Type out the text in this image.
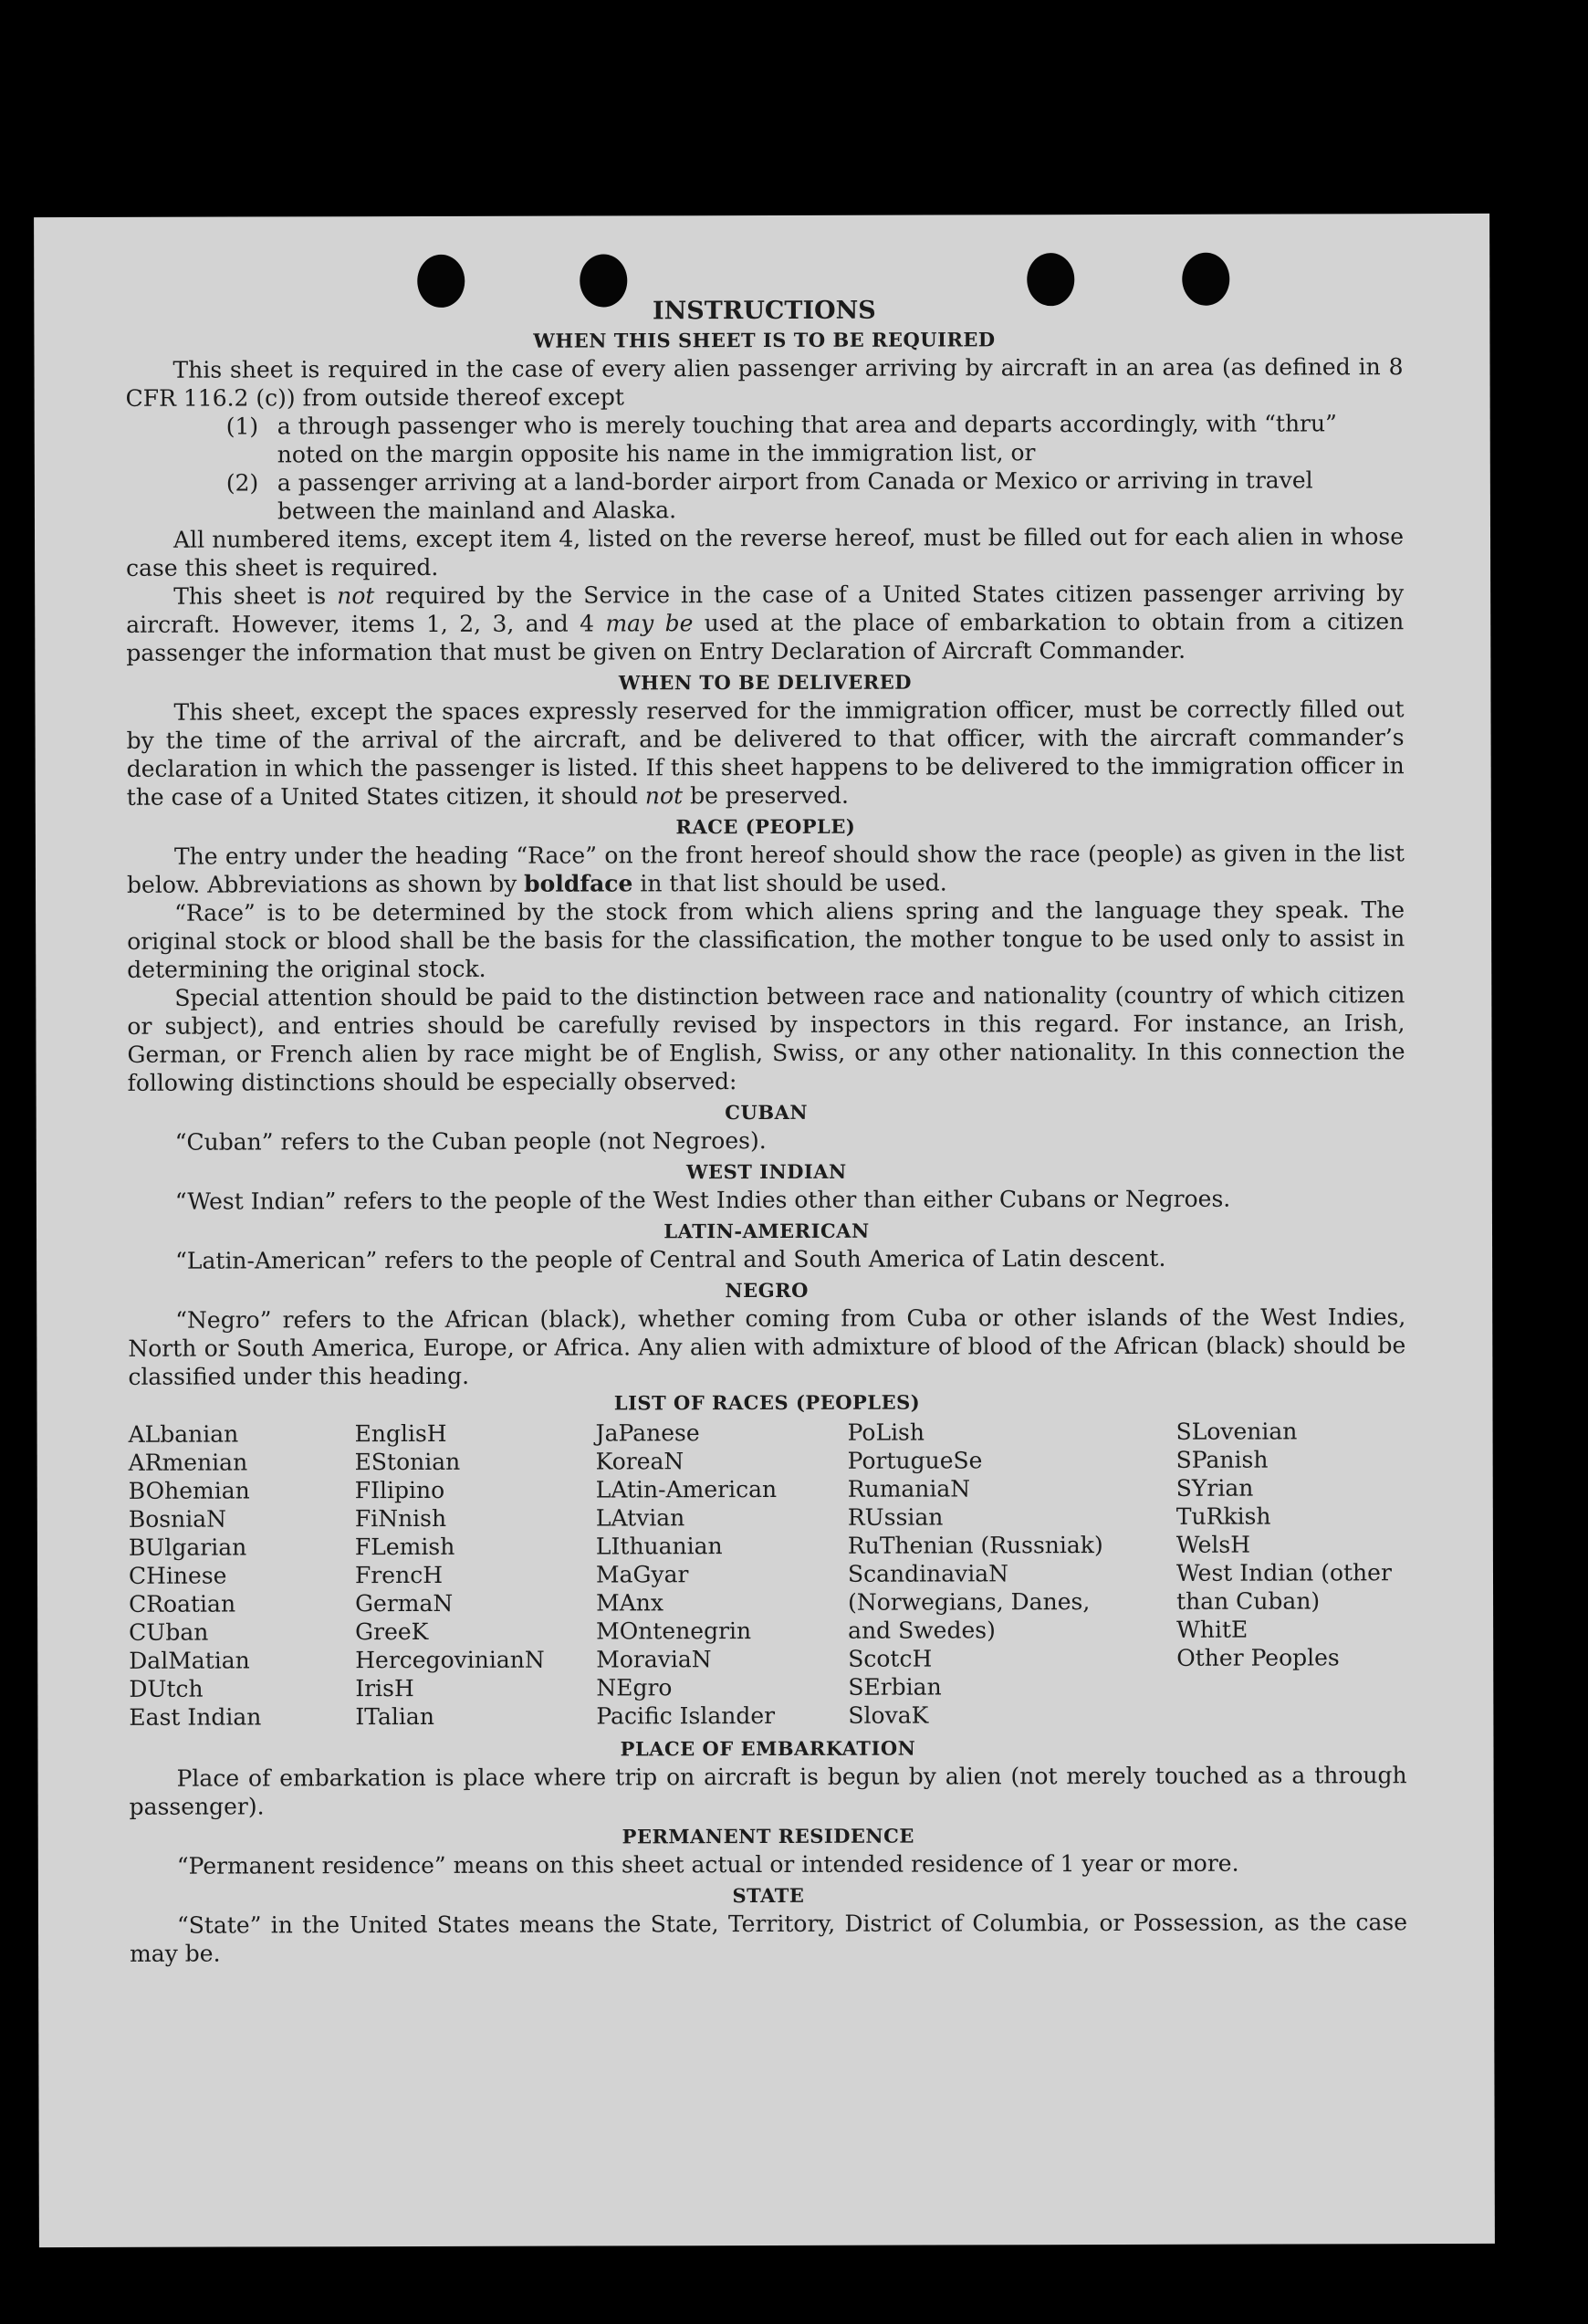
INSTRUCTIONS
WHEN THIS SHEET IS TO BE REQUIRED

This sheet is required in the case of every alien passenger arriving by aircraft in an area (as defined in 8 CFR 116.2 (c)) from outside thereof except

(1) a through passenger who is merely touching that area and departs accordingly, with “thru” noted on the margin opposite his name in the immigration list, or
(2) a passenger arriving at a land-border airport from Canada or Mexico or arriving in travel between the mainland and Alaska.

All numbered items, except item 4, listed on the reverse hereof, must be filled out for each alien in whose case this sheet is required.

This sheet is not required by the Service in the case of a United States citizen passenger arriving by aircraft. However, items 1, 2, 3, and 4 may be used at the place of embarkation to obtain from a citizen passenger the information that must be given on Entry Declaration of Aircraft Commander.

WHEN TO BE DELIVERED

This sheet, except the spaces expressly reserved for the immigration officer, must be correctly filled out by the time of the arrival of the aircraft, and be delivered to that officer, with the aircraft commander’s declaration in which the passenger is listed. If this sheet happens to be delivered to the immigration officer in the case of a United States citizen, it should not be preserved.

RACE (PEOPLE)

The entry under the heading “Race” on the front hereof should show the race (people) as given in the list below. Abbreviations as shown by boldface in that list should be used.

“Race” is to be determined by the stock from which aliens spring and the language they speak. The original stock or blood shall be the basis for the classification, the mother tongue to be used only to assist in determining the original stock.

Special attention should be paid to the distinction between race and nationality (country of which citizen or subject), and entries should be carefully revised by inspectors in this regard. For instance, an Irish, German, or French alien by race might be of English, Swiss, or any other nationality. In this connection the following distinctions should be especially observed:

CUBAN

“Cuban” refers to the Cuban people (not Negroes).

WEST INDIAN

“West Indian” refers to the people of the West Indies other than either Cubans or Negroes.

LATIN-AMERICAN

“Latin-American” refers to the people of Central and South America of Latin descent.

NEGRO

“Negro” refers to the African (black), whether coming from Cuba or other islands of the West Indies, North or South America, Europe, or Africa. Any alien with admixture of blood of the African (black) should be classified under this heading.

LIST OF RACES (PEOPLES)
ALbanian
ARmenian
BOhemian
BosniaN
BUlgarian
CHinese
CRoatian
CUban
DalMatian
DUtch
East Indian
EnglisH
EStonian
FIlipino
FiNnish
FLemish
FrencH
GermaN
GreeK
HercegovinianN
IrisH
ITalian
JaPanese
KoreaN
LAtin-American
LAtvian
LIthuanian
MaGyar
MAnx
MOntenegrin
MoraviaN
NEgro
Pacific Islander
PoLish
PortugueSe
RumaniaN
RUssian
RuThenian (Russniak)
ScandinaviaN (Norwegians, Danes, and Swedes)
ScotcH
SErbian
SlovaK
SLovenian
SPanish
SYrian
TuRkish
WelsH
West Indian (other than Cuban)
WhitE
Other Peoples
PLACE OF EMBARKATION

Place of embarkation is place where trip on aircraft is begun by alien (not merely touched as a through passenger).

PERMANENT RESIDENCE

“Permanent residence” means on this sheet actual or intended residence of 1 year or more.

STATE

“State” in the United States means the State, Territory, District of Columbia, or Possession, as the case may be.
